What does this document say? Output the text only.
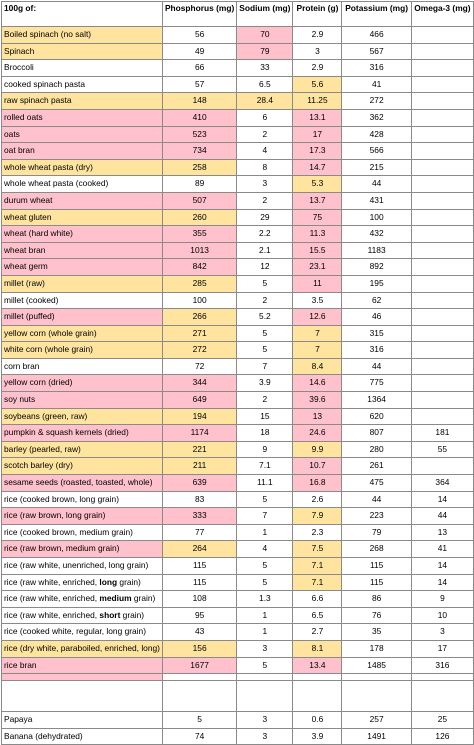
100g of:	Phosphorus (mg)	Sodium (mg)	Protein (g)	Potassium (mg)	Omega-3 (mg)
Boiled spinach (no salt)	56	70	2.9	466	
Spinach	49	79	3	567	
Broccoli	66	33	2.9	316	
cooked spinach pasta	57	6.5	5.6	41	
raw spinach pasta	148	28.4	11.25	272	
rolled oats	410	6	13.1	362	
oats	523	2	17	428	
oat bran	734	4	17.3	566	
whole wheat pasta (dry)	258	8	14.7	215	
whole wheat pasta (cooked)	89	3	5.3	44	
durum wheat	507	2	13.7	431	
wheat gluten	260	29	75	100	
wheat (hard white)	355	2.2	11.3	432	
wheat bran	1013	2.1	15.5	1183	
wheat germ	842	12	23.1	892	
millet (raw)	285	5	11	195	
millet (cooked)	100	2	3.5	62	
millet (puffed)	266	5.2	12.6	46	
yellow corn (whole grain)	271	5	7	315	
white corn (whole grain)	272	5	7	316	
corn bran	72	7	8.4	44	
yellow corn (dried)	344	3.9	14.6	775	
soy nuts	649	2	39.6	1364	
soybeans (green, raw)	194	15	13	620	
pumpkin & squash kernels (dried)	1174	18	24.6	807	181
barley (pearled, raw)	221	9	9.9	280	55
scotch barley (dry)	211	7.1	10.7	261	
sesame seeds (roasted, toasted, whole)	639	11.1	16.8	475	364
rice (cooked brown, long grain)	83	5	2.6	44	14
rice (raw brown, long grain)	333	7	7.9	223	44
rice (cooked brown, medium grain)	77	1	2.3	79	13
rice (raw brown, medium grain)	264	4	7.5	268	41
rice (raw white, unenriched, long grain)	115	5	7.1	115	14
rice (raw white, enriched, long grain)	115	5	7.1	115	14
rice (raw white, enriched, medium grain)	108	1.3	6.6	86	9
rice (raw white, enriched, short grain)	95	1	6.5	76	10
rice (cooked white, regular, long grain)	43	1	2.7	35	3
rice (dry white, paraboiled, enriched, long)	156	3	8.1	178	17
rice bran	1677	5	13.4	1485	316

Papaya	5	3	0.6	257	25
Banana (dehydrated)	74	3	3.9	1491	126
